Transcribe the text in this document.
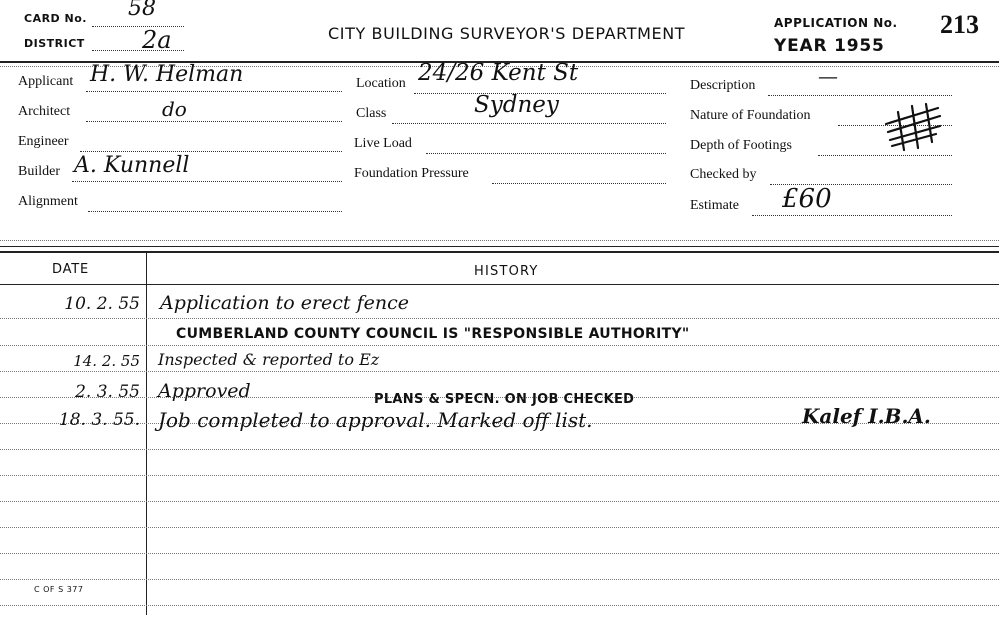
CARD No. 58
DISTRICT 2a	CITY BUILDING SURVEYOR'S DEPARTMENT
APPLICATION No. 213
YEAR 1955
Applicant H. W. Helman
Architect	do
Engineer
Builder A. Kunnell
Alignment
Location 24/26 Kent St
Class	Sydney
Live Load
Foundation Pressure
Description	—
Nature of Foundation
Depth of Footings
Checked by
Estimate £60
DATE	HISTORY
10. 2. 55 Application to erect fence
CUMBERLAND COUNTY COUNCIL IS "RESPONSIBLE AUTHORITY"
14. 2. 55 Inspected & reported to Ez
2. 3. 55 Approved	PLANS & SPECN. ON JOB CHECKED
18. 3. 55. Job completed to approval. Marked off list.	Kalef I.B.A.
C OF S 377
